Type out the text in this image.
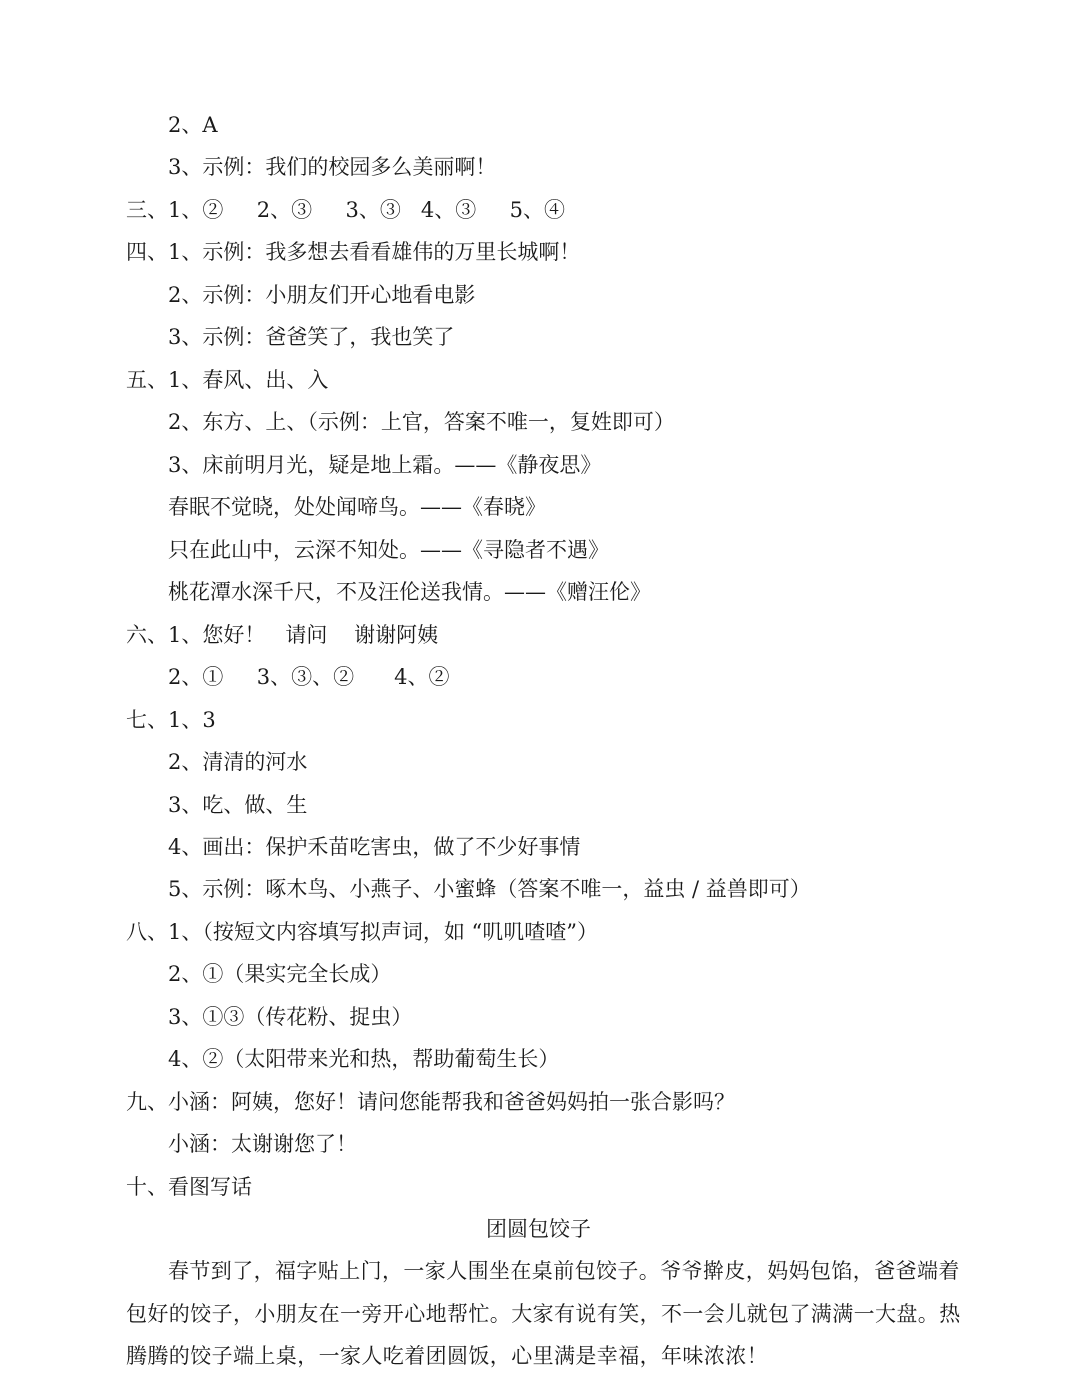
2、A
3、示例：我们的校园多么美丽啊！
三、1、②     2、③     3、③   4、③     5、④
四、1、示例：我多想去看看雄伟的万里长城啊！
2、示例：小朋友们开心地看电影
3、示例：爸爸笑了，我也笑了
五、1、春风、出、入
2、东方、上、（示例：上官，答案不唯一，复姓即可）
3、床前明月光，疑是地上霜。——《静夜思》
春眠不觉晓，处处闻啼鸟。——《春晓》
只在此山中，云深不知处。——《寻隐者不遇》
桃花潭水深千尺，不及汪伦送我情。——《赠汪伦》
六、1、您好！   请问    谢谢阿姨
2、①     3、③、②      4、②
七、1、3
2、清清的河水
3、吃、做、生
4、画出：保护禾苗吃害虫，做了不少好事情
5、示例：啄木鸟、小燕子、小蜜蜂（答案不唯一，益虫 / 益兽即可）
八、1、（按短文内容填写拟声词，如 “叽叽喳喳”）
2、①（果实完全长成）
3、①③（传花粉、捉虫）
4、②（太阳带来光和热，帮助葡萄生长）
九、小涵：阿姨，您好！请问您能帮我和爸爸妈妈拍一张合影吗？
小涵：太谢谢您了！
十、看图写话
团圆包饺子
春节到了，福字贴上门，一家人围坐在桌前包饺子。爷爷擀皮，妈妈包馅，爸爸端着包好的饺子，小朋友在一旁开心地帮忙。大家有说有笑，不一会儿就包了满满一大盘。热腾腾的饺子端上桌，一家人吃着团圆饭，心里满是幸福，年味浓浓！
